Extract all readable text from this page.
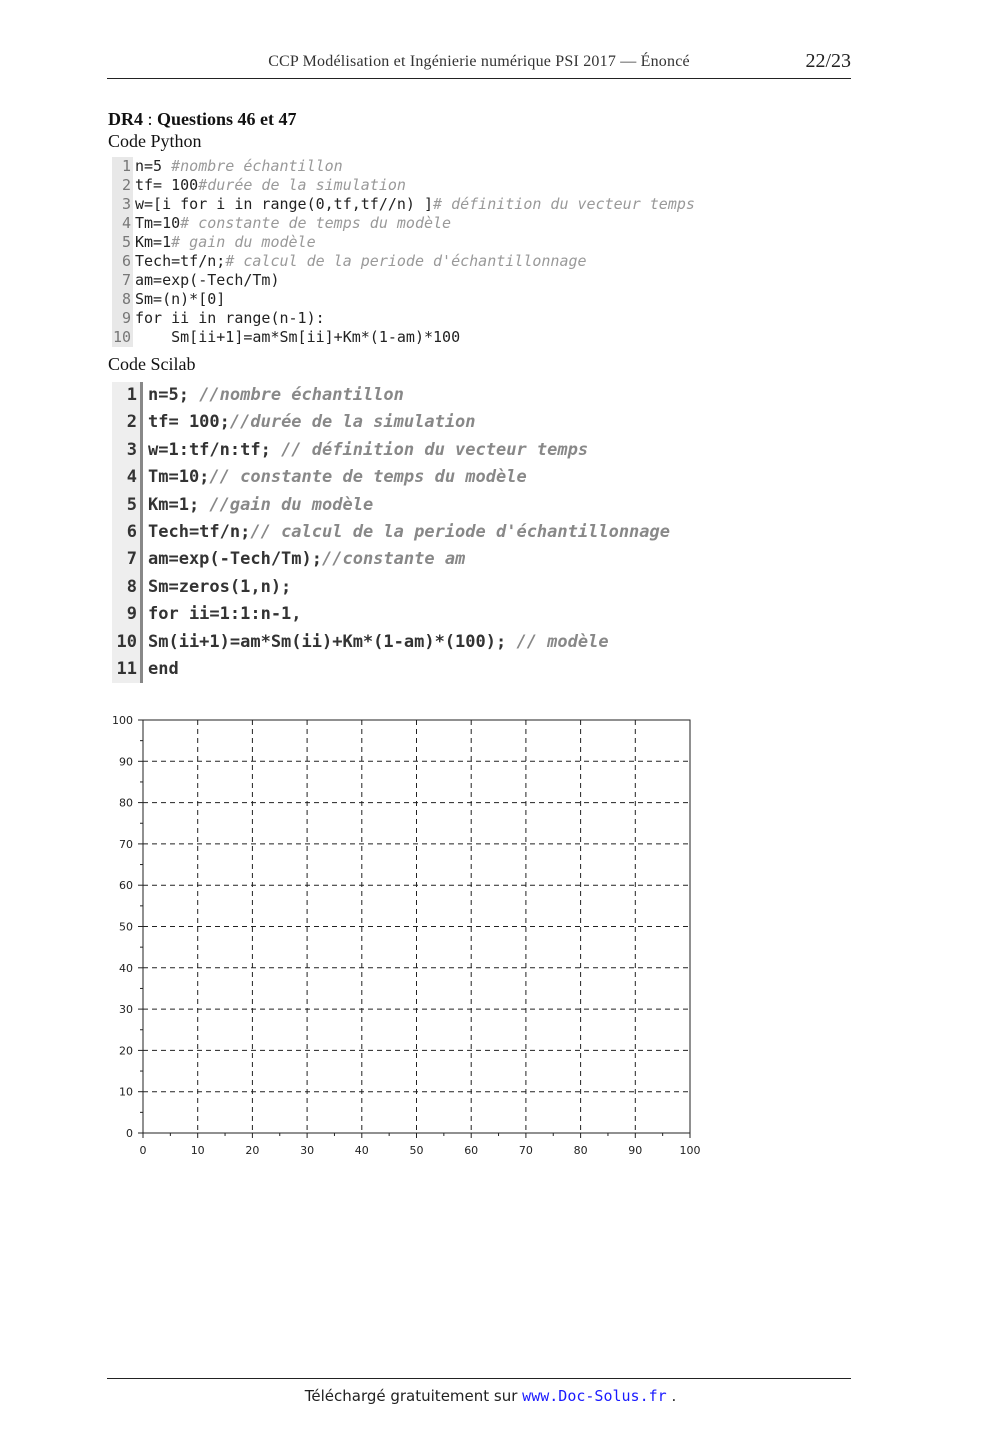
CCP Modélisation et Ingénierie numérique PSI 2017 — Énoncé	22/23
DR4 : Questions 46 et 47
Code Python
1 n=5 #nombre échantillon
2 tf= 100#durée de la simulation
3 w=[i for i in range(0,tf,tf//n) ]# définition du vecteur temps
4 Tm=10# constante de temps du modèle
5 Km=1# gain du modèle
6 Tech=tf/n;# calcul de la periode d'échantillonnage
7 am=exp(-Tech/Tm)
8 Sm=(n)*[0]
9 for ii in range(n-1):
10 Sm[ii+1]=am*Sm[ii]+Km*(1-am)*100
Code Scilab
1 n=5; //nombre échantillon
2 tf= 100;//durée de la simulation
3 w=1:tf/n:tf; // définition du vecteur temps
4 Tm=10;// constante de temps du modèle
5 Km=1; //gain du modèle
6 Tech=tf/n;// calcul de la periode d'échantillonnage
7 am=exp(-Tech/Tm);//constante am
8 Sm=zeros(1,n);
9 for ii=1:1:n-1,
10 Sm(ii+1)=am*Sm(ii)+Km*(1-am)*(100); // modèle
11 end
0	10	20	30	40	50	60	70	80	90	100
0
10
20
30
40
50
60
70
80
90
100
Téléchargé gratuitement sur www.Doc-Solus.fr .
